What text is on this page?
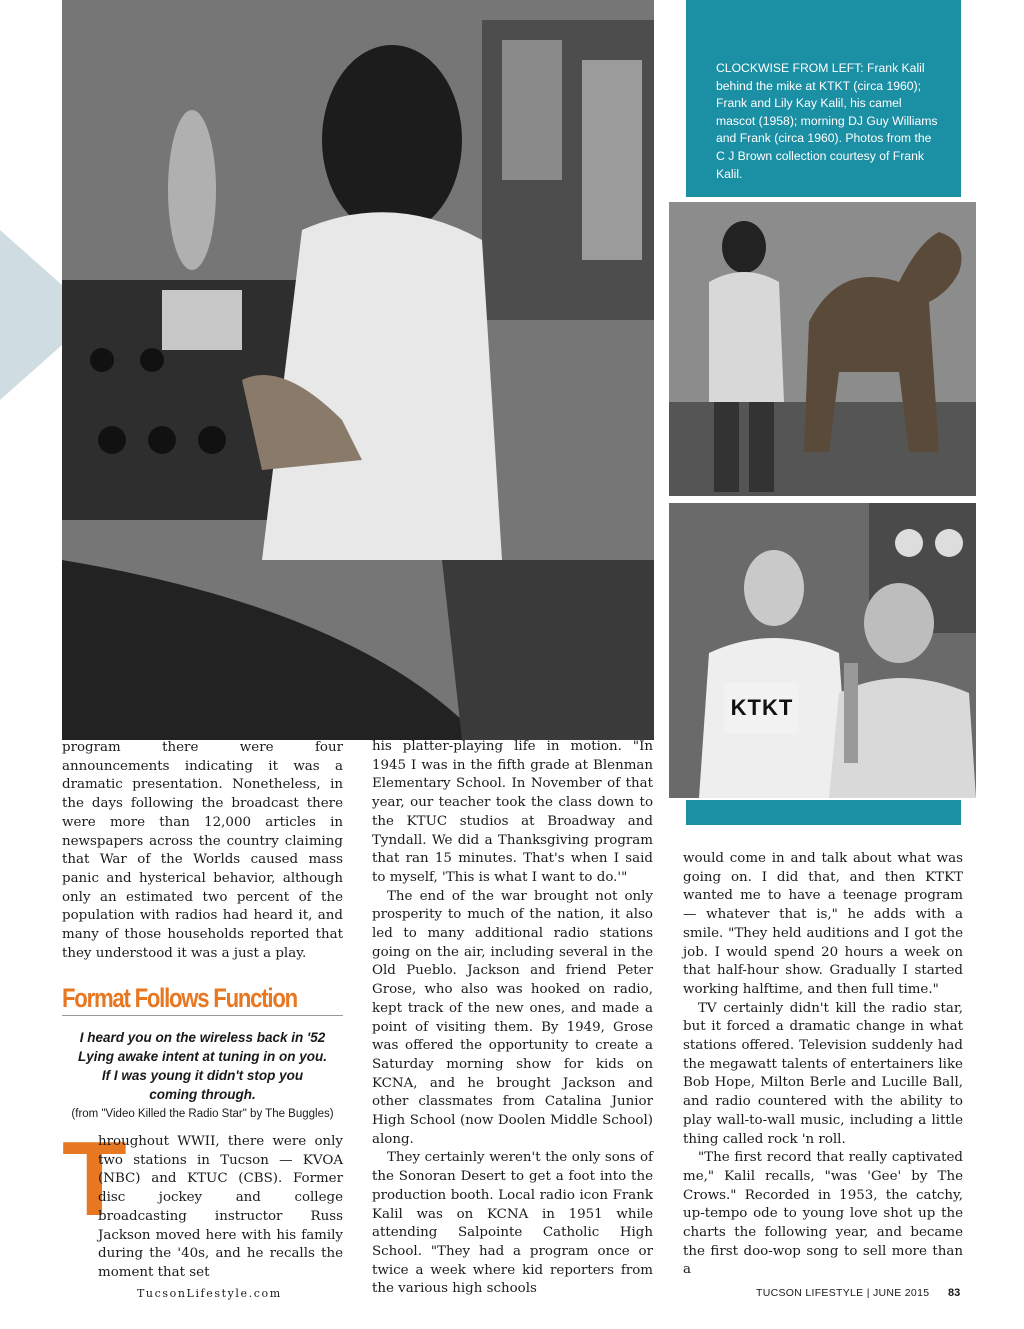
CLOCKWISE FROM LEFT: Frank Kalil behind the mike at KTKT (circa 1960); Frank and Lily Kay Kalil, his camel mascot (1958); morning DJ Guy Williams and Frank (circa 1960). Photos from the C J Brown collection courtesy of Frank Kalil.
KTKT

program there were four announcements indicating it was a dramatic presentation. Nonetheless, in the days following the broadcast there were more than 12,000 articles in newspapers across the country claiming that War of the Worlds caused mass panic and hysterical behavior, although only an estimated two percent of the population with radios had heard it, and many of those households reported that they understood it was a just a play.

Format Follows Function
I heard you on the wireless back in '52
Lying awake intent at tuning in on you.
If I was young it didn't stop you
coming through.
(from "Video Killed the Radio Star" by The Buggles)
T

hroughout WWII, there were only two stations in Tucson — KVOA (NBC) and KTUC (CBS). Former disc jockey and college broadcasting instructor Russ Jackson moved here with his family during the '40s, and he recalls the moment that set

his platter-playing life in motion. "In 1945 I was in the fifth grade at Blenman Elementary School. In November of that year, our teacher took the class down to the KTUC studios at Broadway and Tyndall. We did a Thanksgiving program that ran 15 minutes. That's when I said to myself, 'This is what I want to do.'"

The end of the war brought not only prosperity to much of the nation, it also led to many additional radio stations going on the air, including several in the Old Pueblo. Jackson and friend Peter Grose, who also was hooked on radio, kept track of the new ones, and made a point of visiting them. By 1949, Grose was offered the opportunity to create a Saturday morning show for kids on KCNA, and he brought Jackson and other classmates from Catalina Junior High School (now Doolen Middle School) along.

They certainly weren't the only sons of the Sonoran Desert to get a foot into the production booth. Local radio icon Frank Kalil was on KCNA in 1951 while attending Salpointe Catholic High School. "They had a program once or twice a week where kid reporters from the various high schools

would come in and talk about what was going on. I did that, and then KTKT wanted me to have a teenage program — whatever that is," he adds with a smile. "They held auditions and I got the job. I would spend 20 hours a week on that half-hour show. Gradually I started working halftime, and then full time."

TV certainly didn't kill the radio star, but it forced a dramatic change in what stations offered. Television suddenly had the megawatt talents of entertainers like Bob Hope, Milton Berle and Lucille Ball, and radio countered with the ability to play wall-to-wall music, including a little thing called rock 'n roll.

"The first record that really captivated me," Kalil recalls, "was 'Gee' by The Crows." Recorded in 1953, the catchy, up-tempo ode to young love shot up the charts the following year, and became the first doo-wop song to sell more than a

TucsonLifestyle.com	TUCSON LIFESTYLE | JUNE 2015 83
